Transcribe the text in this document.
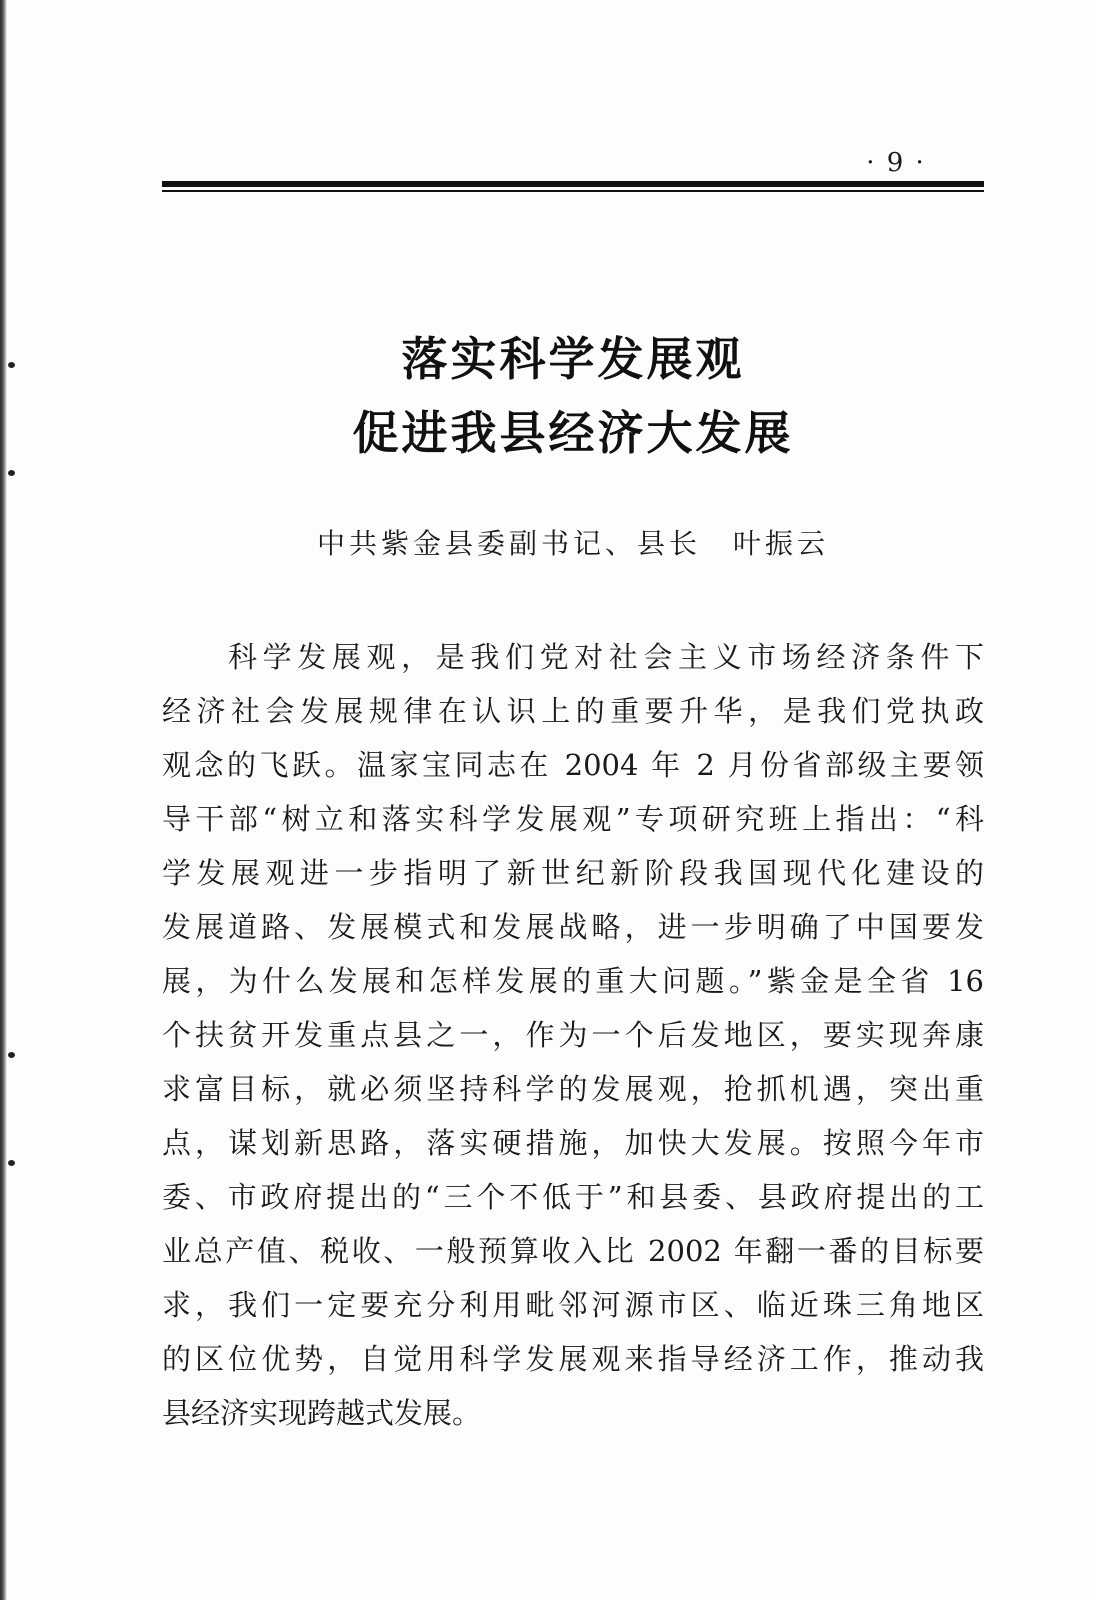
· 9 ·
落实科学发展观
促进我县经济大发展
中共紫金县委副书记、县长　叶振云
科学发展观，是我们党对社会主义市场经济条件下
经济社会发展规律在认识上的重要升华，是我们党执政
观念的飞跃。温家宝同志在 2004 年 2 月份省部级主要领
导干部“树立和落实科学发展观”专项研究班上指出：“科
学发展观进一步指明了新世纪新阶段我国现代化建设的
发展道路、发展模式和发展战略，进一步明确了中国要发
展，为什么发展和怎样发展的重大问题。”紫金是全省 16
个扶贫开发重点县之一，作为一个后发地区，要实现奔康
求富目标，就必须坚持科学的发展观，抢抓机遇，突出重
点，谋划新思路，落实硬措施，加快大发展。按照今年市
委、市政府提出的“三个不低于”和县委、县政府提出的工
业总产值、税收、一般预算收入比 2002 年翻一番的目标要
求，我们一定要充分利用毗邻河源市区、临近珠三角地区
的区位优势，自觉用科学发展观来指导经济工作，推动我
县经济实现跨越式发展。
